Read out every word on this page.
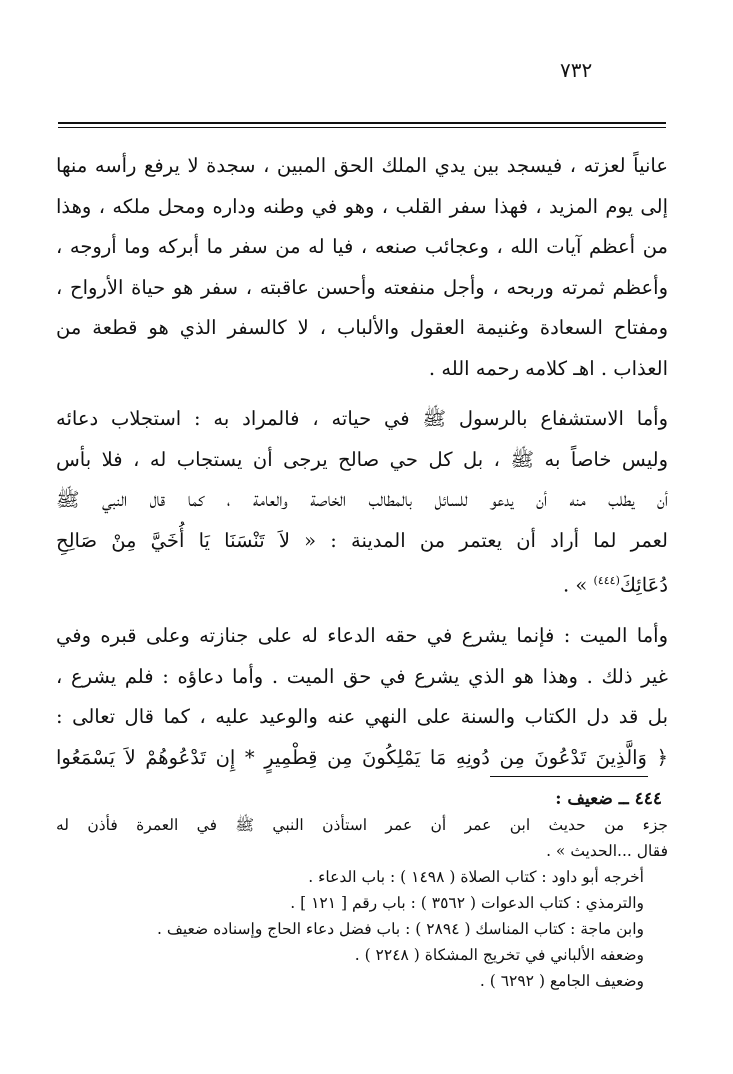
٧٣٢

عانياً لعزته ، فيسجد بين يدي الملك الحق المبين ، سجدة لا يرفع رأسه منها

إلى يوم المزيد ، فهذا سفر القلب ، وهو في وطنه وداره ومحل ملكه ، وهذا

من أعظم آيات الله ، وعجائب صنعه ، فيا له من سفر ما أبركه وما أروجه ،

وأعظم ثمرته وربحه ، وأجل منفعته وأحسن عاقبته ، سفر هو حياة الأرواح ،

ومفتاح السعادة وغنيمة العقول والألباب ، لا كالسفر الذي هو قطعة من

العذاب . اهـ كلامه رحمه الله .

وأما الاستشفاع بالرسول ﷺ في حياته ، فالمراد به : استجلاب دعائه

وليس خاصاً به ﷺ ، بل كل حي صالح يرجى أن يستجاب له ، فلا بأس

أن يطلب منه أن يدعو للسائل بالمطالب الخاصة والعامة ، كما قال النبي ﷺ

لعمر لما أراد أن يعتمر من المدينة : « لاَ تَنْسَنَا يَا أُخَيَّ مِنْ صَالِحِ

دُعَائِكَ$^{(٤٤٤)}$ » .

وأما الميت : فإنما يشرع في حقه الدعاء له على جنازته وعلى قبره وفي

غير ذلك . وهذا هو الذي يشرع في حق الميت . وأما دعاؤه : فلم يشرع ،

بل قد دل الكتاب والسنة على النهي عنه والوعيد عليه ، كما قال تعالى :

﴿ وَالَّذِينَ تَدْعُونَ مِن دُونِهِ مَا يَمْلِكُونَ مِن قِطْمِيرٍ * إِن تَدْعُوهُمْ لاَ يَسْمَعُوا

٤٤٤ ــ ضعيف :
جزء من حديث ابن عمر أن عمر استأذن النبي ﷺ في العمرة فأذن له
فقال ...الحديث » .
أخرجه أبو داود : كتاب الصلاة ( ١٤٩٨ ) : باب الدعاء .
والترمذي : كتاب الدعوات ( ٣٥٦٢ ) : باب رقم [ ١٢١ ] .
وابن ماجة : كتاب المناسك ( ٢٨٩٤ ) : باب فضل دعاء الحاج وإسناده ضعيف .
وضعفه الألباني في تخريج المشكاة ( ٢٢٤٨ ) .
وضعيف الجامع ( ٦٢٩٢ ) .
